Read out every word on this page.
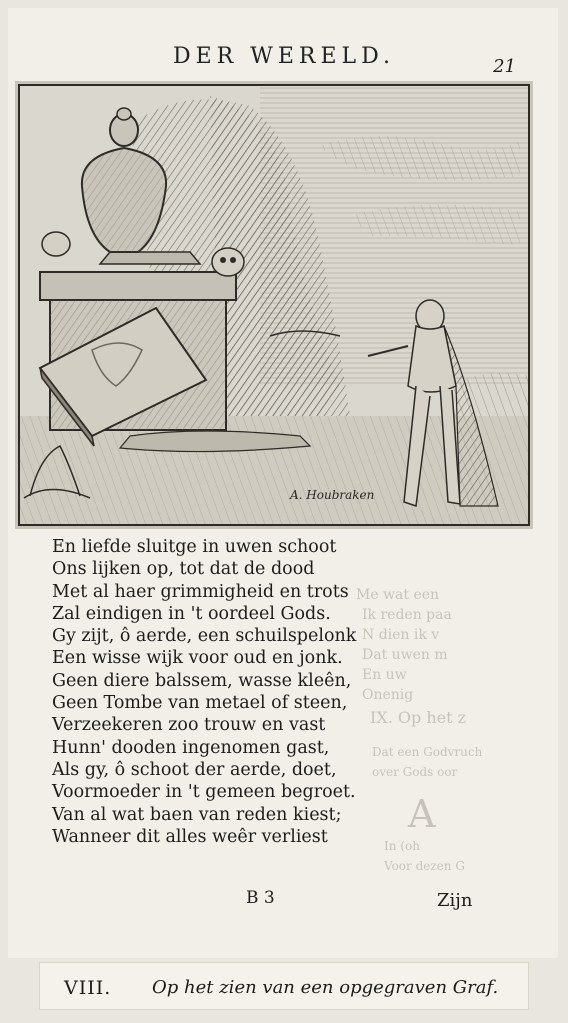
Me wat een
Ik reden paa
N dien ik v
Dat uwen m
En uw
Onenig
IX. Op het z
Dat een Godvruch
over Gods oor
A
In (oh
Voor dezen G
DER WERELD.	21
A. Houbraken
En liefde sluitge in uwen schoot
Ons lijken op, tot dat de dood
Met al haer grimmigheid en trots
Zal eindigen in 't oordeel Gods.
Gy zijt, ô aerde, een schuilspelonk
Een wisse wijk voor oud en jonk.
Geen diere balssem, wasse kleên,
Geen Tombe van metael of steen,
Verzeekeren zoo trouw en vast
Hunn' dooden ingenomen gast,
Als gy, ô schoot der aerde, doet,
Voormoeder in 't gemeen begroet.
Van al wat baen van reden kiest;
Wanneer dit alles weêr verliest
B 3	Zijn
VIII. Op het zien van een opgegraven Graf.
